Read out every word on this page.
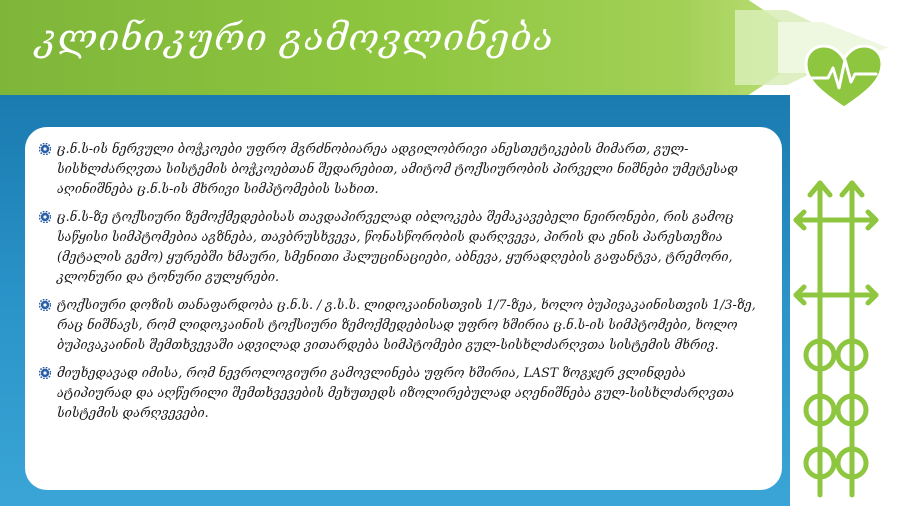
კლინიკური გამოვლინება
ც.ნ.ს-ის ნერვული ბოჭკოები უფრო მგრძნობიარეა ადგილობრივი ანესთეტიკების მიმართ, გულ-სისხლძარღვთა სისტემის ბოჭკოებთან შედარებით, ამიტომ ტოქსიურობის პირველი ნიშნები უმეტესად აღინიშნება ც.ნ.ს-ის მხრივი სიმპტომების სახით.
ც.ნ.ს-ზე ტოქსიური ზემოქმედებისას თავდაპირველად იბლოკება შემაკავებელი ნეირონები, რის გამოც საწყისი სიმპტომებია აგზნება, თავბრუსხვევა, წონასწორობის დარღვევა, პირის და ენის პარესთეზია (მეტალის გემო) ყურებში ხმაური, სმენითი ჰალუცინაციები, აბნევა, ყურადღების გაფანტვა, ტრემორი, კლონური და ტონური გულყრები.
ტოქსიური დოზის თანაფარდობა ც.ნ.ს. / გ.ს.ს. ლიდოკაინისთვის 1/7-ზეა, ხოლო ბუპივაკაინისთვის 1/3-ზე, რაც ნიშნავს, რომ ლიდოკაინის ტოქსიური ზემოქმედებისად უფრო ხშირია ც.ნ.ს-ის სიმპტომები, ხოლო ბუპივაკაინის შემთხვევაში ადვილად ვითარდება სიმპტომები გულ-სისხლძარღვთა სისტემის მხრივ.
მიუხედავად იმისა, რომ ნევროლოგიური გამოვლინება უფრო ხშირია, LAST ზოგჯერ ვლინდება ატიპიურად და აღწერილი შემთხვევების მეხუთედს იზოლირებულად აღენიშნება გულ-სისხლძარღვთა სისტემის დარღვევები.
